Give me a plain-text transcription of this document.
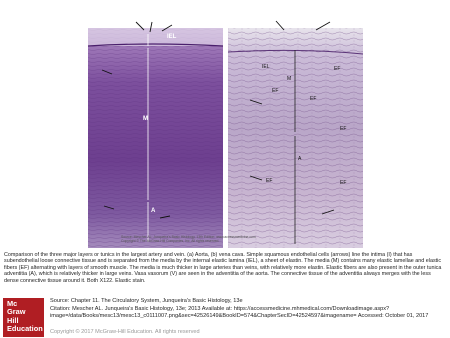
IEL
M
A
IEL
M
EF
EF
EF
EF
A
EF	EF
Source: Mescher AL: Junqueira's Basic Histology, 13th Edition: www.accessmedicine.com
Copyright © The McGraw-Hill Companies, Inc. All rights reserved.
Comparison of the three major layers or tunics in the largest artery and vein. (a) Aorta, (b) vena cava. Simple squamous endothelial cells (arrows) line the intima (I) that has subendothelial loose connective tissue and is separated from the media by the internal elastic lamina (IEL), a sheet of elastin. The media (M) contains many elastic lamellae and elastic fibers (EF) alternating with layers of smooth muscle. The media is much thicker in large arteries than veins, with relatively more elastin. Elastic fibers are also present in the outer tunica adventitia (A), which is relatively thicker in large veins. Vasa vasorum (V) are seen in the adventitia of the aorta. The connective tissue of the adventitia always merges with the less dense connective tissue around it. Both X122. Elastic stain.
Mc
Graw
Hill
Education
Source: Chapter 11. The Circulatory System, Junqueira's Basic Histology, 13e
Citation: Mescher AL. Junqueira's Basic Histology, 13e; 2013 Available at: https://accessmedicine.mhmedical.com/Downloadimage.aspx?image=/data/Books/mesc13/mesc13_c0111007.png&sec=42526149&BookID=574&ChapterSecID=42524597&imagename= Accessed: October 01, 2017
Copyright © 2017 McGraw-Hill Education. All rights reserved
